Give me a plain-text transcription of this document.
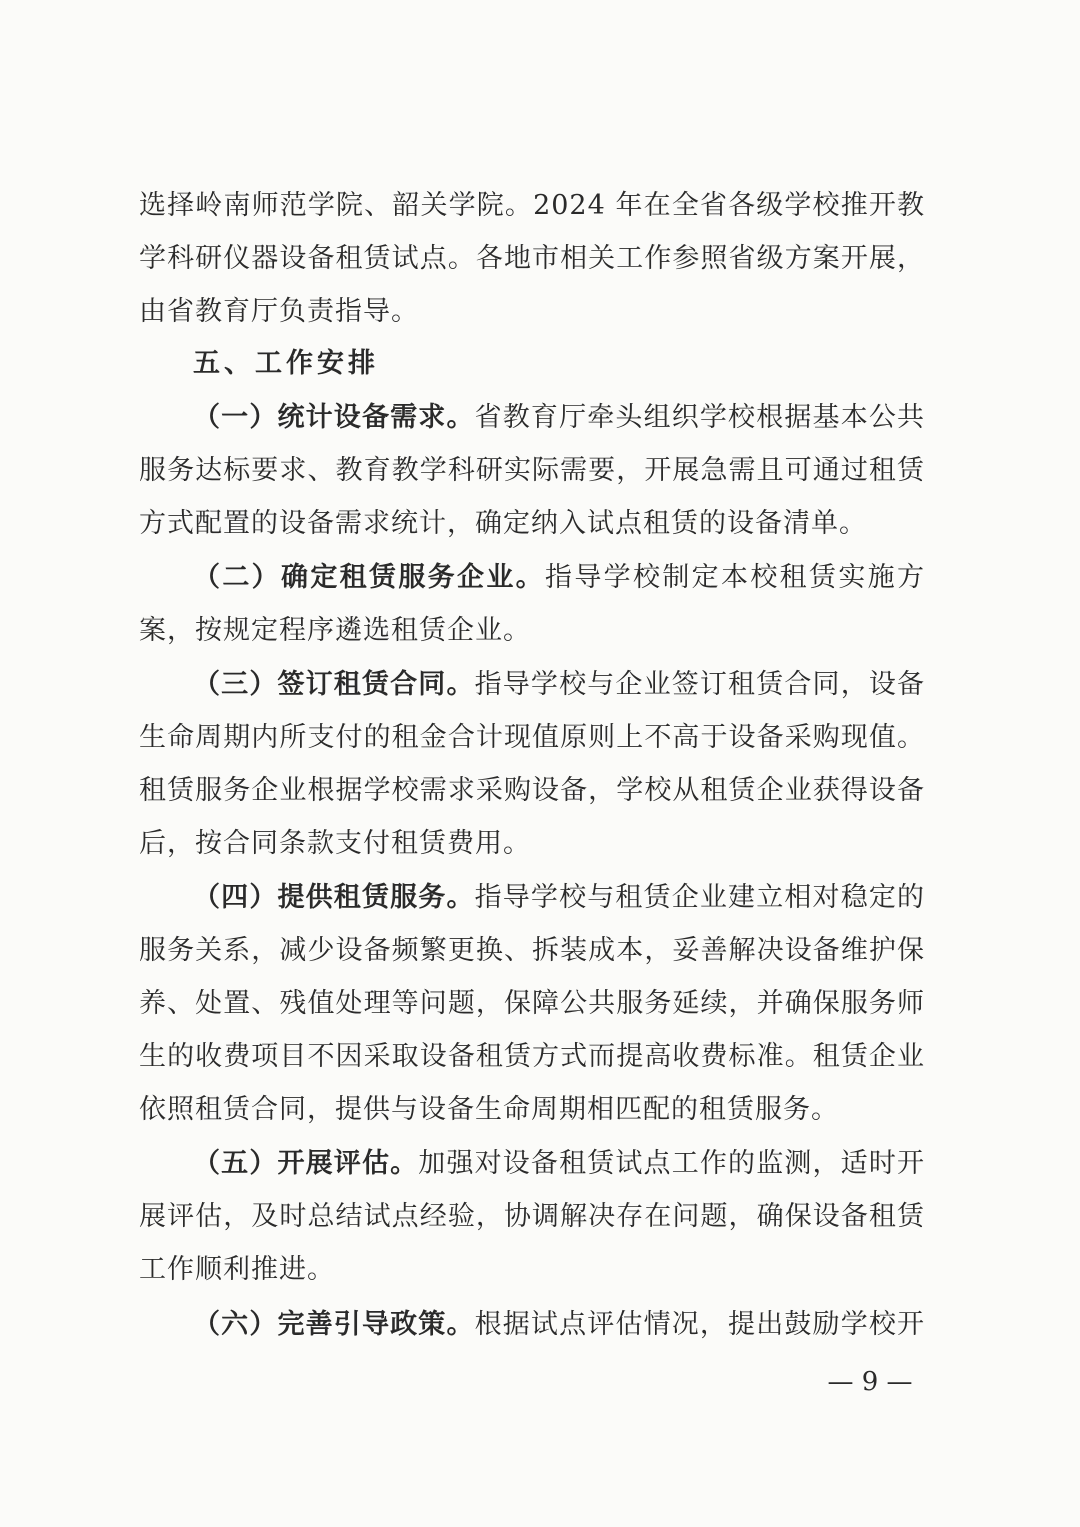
选择岭南师范学院、韶关学院。2024 年在全省各级学校推开教
学科研仪器设备租赁试点。各地市相关工作参照省级方案开展，
由省教育厅负责指导。
五、工作安排
（一）统计设备需求。省教育厅牵头组织学校根据基本公共
服务达标要求、教育教学科研实际需要，开展急需且可通过租赁
方式配置的设备需求统计，确定纳入试点租赁的设备清单。
（二）确定租赁服务企业。指导学校制定本校租赁实施方
案，按规定程序遴选租赁企业。
（三）签订租赁合同。指导学校与企业签订租赁合同，设备
生命周期内所支付的租金合计现值原则上不高于设备采购现值。
租赁服务企业根据学校需求采购设备，学校从租赁企业获得设备
后，按合同条款支付租赁费用。
（四）提供租赁服务。指导学校与租赁企业建立相对稳定的
服务关系，减少设备频繁更换、拆装成本，妥善解决设备维护保
养、处置、残值处理等问题，保障公共服务延续，并确保服务师
生的收费项目不因采取设备租赁方式而提高收费标准。租赁企业
依照租赁合同，提供与设备生命周期相匹配的租赁服务。
（五）开展评估。加强对设备租赁试点工作的监测，适时开
展评估，及时总结试点经验，协调解决存在问题，确保设备租赁
工作顺利推进。
（六）完善引导政策。根据试点评估情况，提出鼓励学校开
— 9 —
